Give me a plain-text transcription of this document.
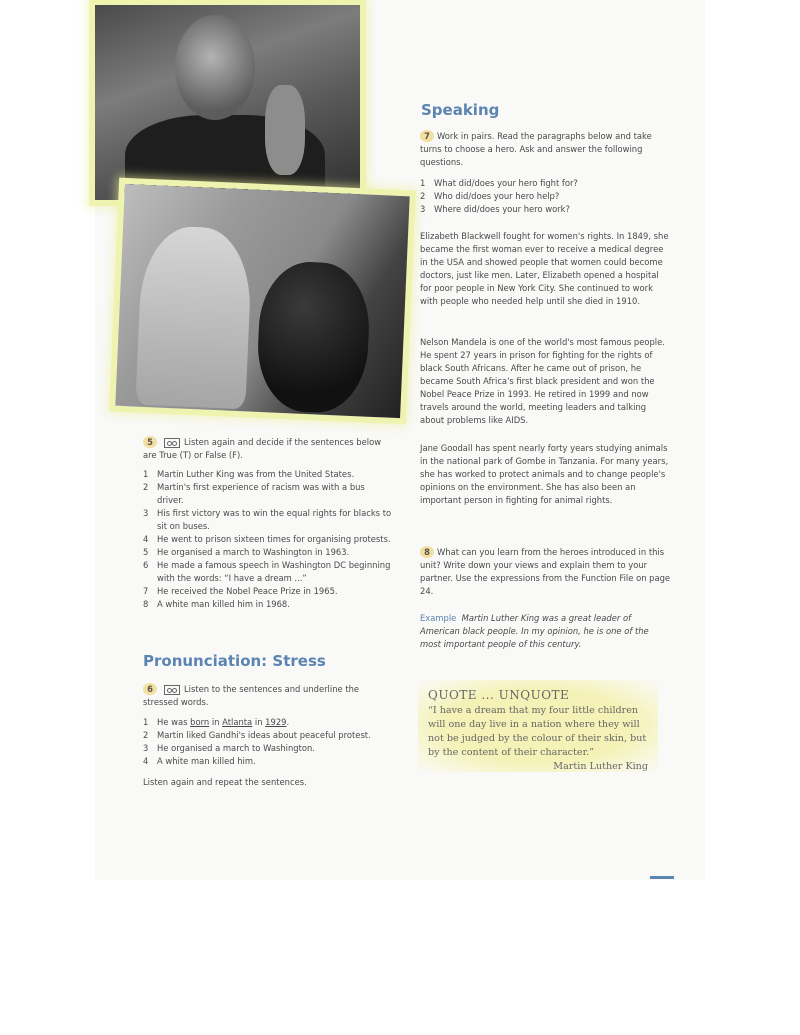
Speaking

7 Work in pairs. Read the paragraphs below and take turns to choose a hero. Ask and answer the following questions.

1 What did/does your hero fight for?
2 Who did/does your hero help?
3 Where did/does your hero work?

Elizabeth Blackwell fought for women's rights. In 1849, she became the first woman ever to receive a medical degree in the USA and showed people that women could become doctors, just like men. Later, Elizabeth opened a hospital for poor people in New York City. She continued to work with people who needed help until she died in 1910.

Nelson Mandela is one of the world's most famous people. He spent 27 years in prison for fighting for the rights of black South Africans. After he came out of prison, he became South Africa's first black president and won the Nobel Peace Prize in 1993. He retired in 1999 and now travels around the world, meeting leaders and talking about problems like AIDS.

Jane Goodall has spent nearly forty years studying animals in the national park of Gombe in Tanzania. For many years, she has worked to protect animals and to change people's opinions on the environment. She has also been an important person in fighting for animal rights.

8 What can you learn from the heroes introduced in this unit? Write down your views and explain them to your partner. Use the expressions from the Function File on page 24.

Example Martin Luther King was a great leader of American black people. In my opinion, he is one of the most important people of this century.

5	Listen again and decide if the sentences below are True (T) or False (F).

1 Martin Luther King was from the United States.
2 Martin's first experience of racism was with a bus driver.
3 His first victory was to win the equal rights for blacks to sit on buses.
4 He went to prison sixteen times for organising protests.
5 He organised a march to Washington in 1963.
6 He made a famous speech in Washington DC beginning with the words: “I have a dream ...”
7 He received the Nobel Peace Prize in 1965.
8 A white man killed him in 1968.
Pronunciation: Stress

6	Listen to the sentences and underline the stressed words.

1 He was born in Atlanta in 1929.
2 Martin liked Gandhi's ideas about peaceful protest.
3 He organised a march to Washington.
4 A white man killed him.

Listen again and repeat the sentences.

QUOTE ... UNQUOTE
“I have a dream that my four little children will one day live in a nation where they will not be judged by the colour of their skin, but by the content of their character.”
Martin Luther King
